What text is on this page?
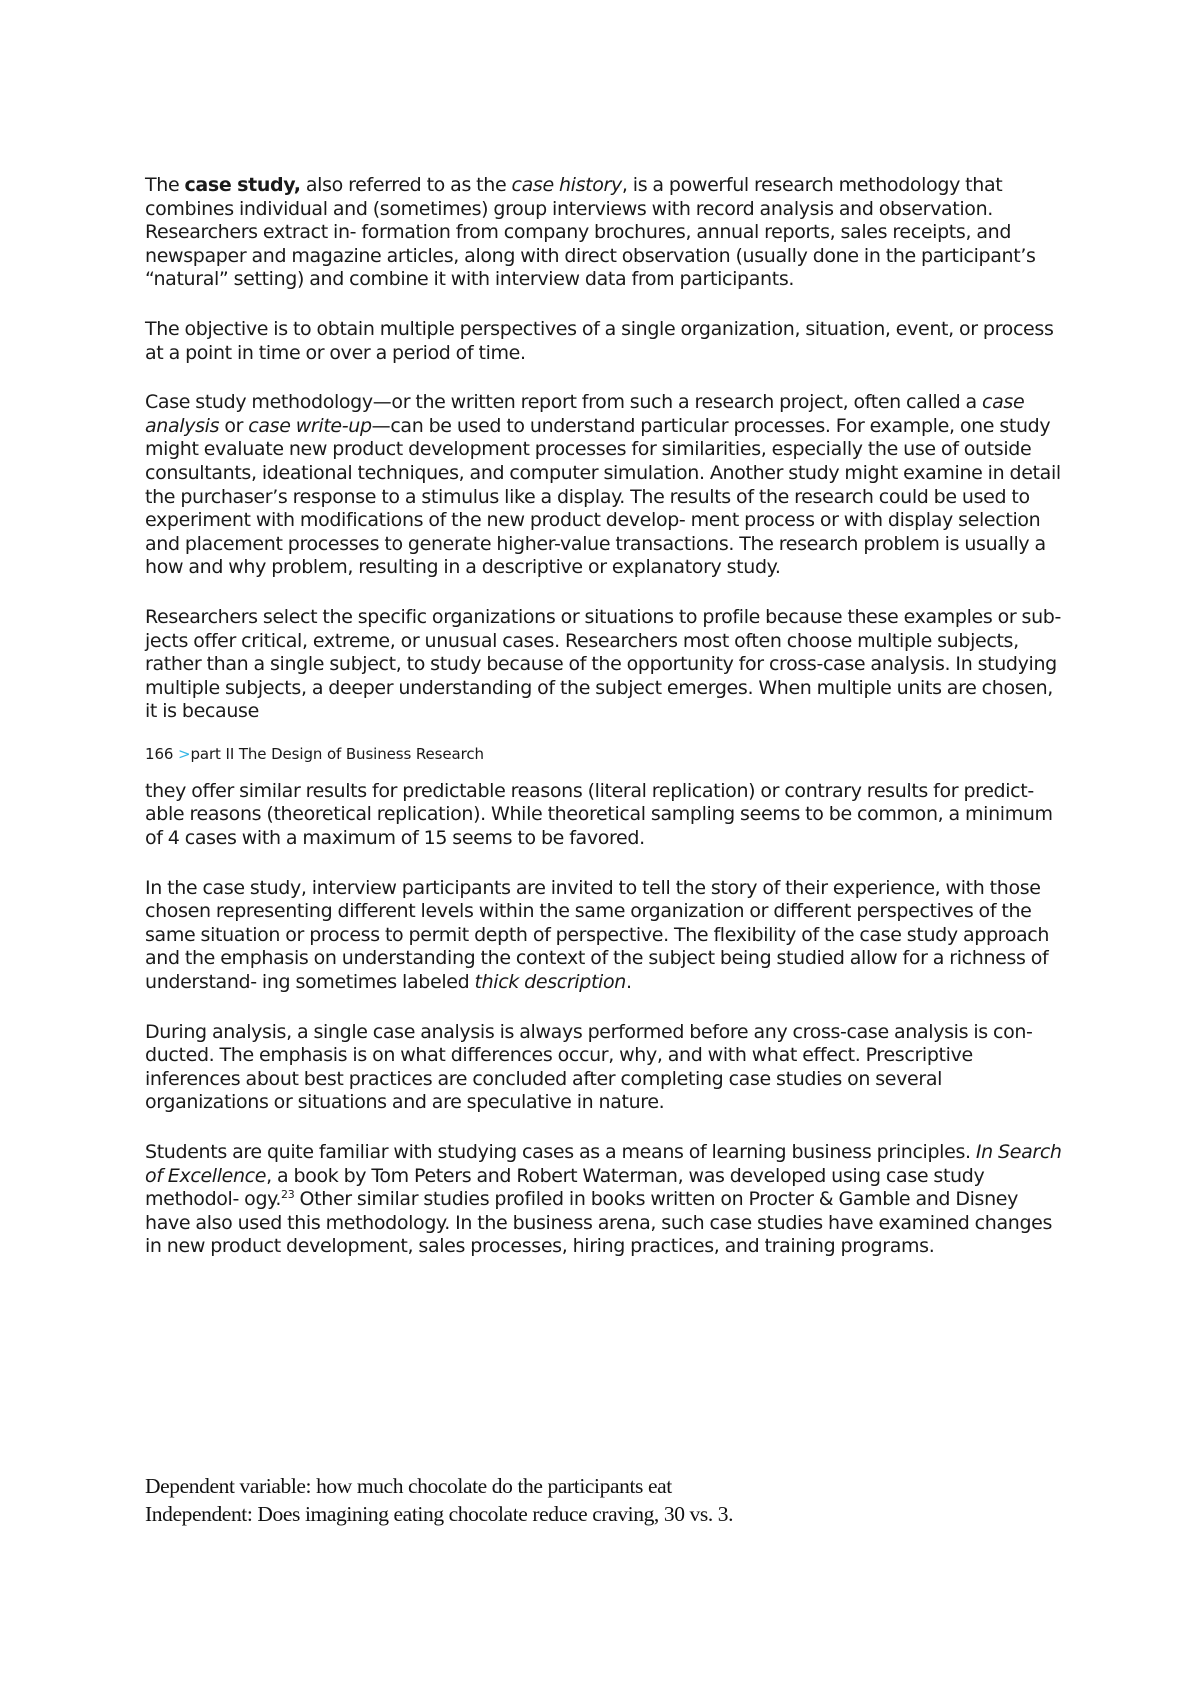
The case study, also referred to as the case history, is a powerful research methodology that combines individual and (sometimes) group interviews with record analysis and observation. Researchers extract in- formation from company brochures, annual reports, sales receipts, and newspaper and magazine articles, along with direct observation (usually done in the participant’s “natural” setting) and combine it with interview data from participants.

The objective is to obtain multiple perspectives of a single organization, situation, event, or process at a point in time or over a period of time.

Case study methodology—or the written report from such a research project, often called a case analysis or case write-up—can be used to understand particular processes. For example, one study might evaluate new product development processes for similarities, especially the use of outside consultants, ideational techniques, and computer simulation. Another study might examine in detail the purchaser’s response to a stimulus like a display. The results of the research could be used to experiment with modifications of the new product develop- ment process or with display selection and placement processes to generate higher-value transactions. The research problem is usually a how and why problem, resulting in a descriptive or explanatory study.

Researchers select the specific organizations or situations to profile because these examples or sub- jects offer critical, extreme, or unusual cases. Researchers most often choose multiple subjects, rather than a single subject, to study because of the opportunity for cross-case analysis. In studying multiple subjects, a deeper understanding of the subject emerges. When multiple units are chosen, it is because

166 >part II The Design of Business Research

they offer similar results for predictable reasons (literal replication) or contrary results for predict- able reasons (theoretical replication). While theoretical sampling seems to be common, a minimum of 4 cases with a maximum of 15 seems to be favored.

In the case study, interview participants are invited to tell the story of their experience, with those chosen representing different levels within the same organization or different perspectives of the same situation or process to permit depth of perspective. The flexibility of the case study approach and the emphasis on understanding the context of the subject being studied allow for a richness of understand- ing sometimes labeled thick description.

During analysis, a single case analysis is always performed before any cross-case analysis is con- ducted. The emphasis is on what differences occur, why, and with what effect. Prescriptive inferences about best practices are concluded after completing case studies on several organizations or situations and are speculative in nature.

Students are quite familiar with studying cases as a means of learning business principles. In Search of Excellence, a book by Tom Peters and Robert Waterman, was developed using case study methodol- ogy.$^{23}$ Other similar studies profiled in books written on Procter & Gamble and Disney have also used this methodology. In the business arena, such case studies have examined changes in new product development, sales processes, hiring practices, and training programs.

Dependent variable: how much chocolate do the participants eat
Independent: Does imagining eating chocolate reduce craving, 30 vs. 3.
